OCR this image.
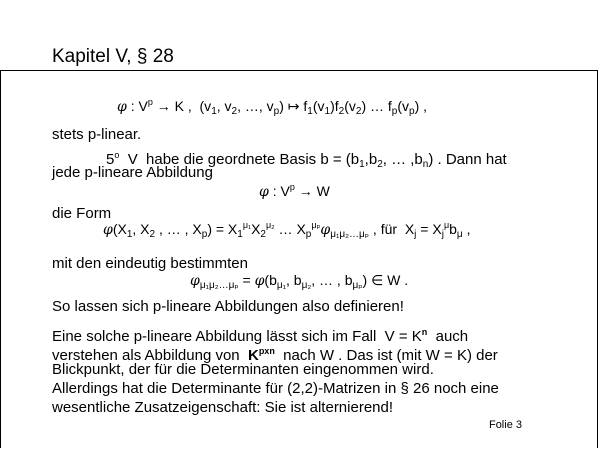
Kapitel V, § 28
φ : $V^p \to K$ ,  ($v_1$, $v_2$, …, $v_p$) ↦ $f_1(v_1)f_2(v_2)$ … $f_p(v_p)$ ,
stets p-linear.
5$^o$  V  habe die geordnete Basis $b = (b_1,b_2$, … $,b_n$) . Dann hat
jede p-lineare Abbildung
φ : $V^p \to W$
die Form
$\varphi(X_1$, $X_2$ , … , $X_p) = X_1^{\mu_1}X_2^{\mu_2}$ … $X_p^{\mu_p}\varphi_{\mu_1\mu_2\dots\mu_p}$ , für  $X_j = X_j^\mu b_\mu$ ,
mit den eindeutig bestimmten
$\varphi_{\mu_1\mu_2\dots\mu_p} = \varphi(b_{\mu_1}$, $b_{\mu_2}$, … , $b_{\mu_p}$) ∈ W .
So lassen sich p-lineare Abbildungen also definieren!
Eine solche p-lineare Abbildung lässt sich im Fall  $V = K^n$  auch
verstehen als Abbildung von  $K^{pxn}$  nach W . Das ist (mit W = K) der
Blickpunkt, der für die Determinanten eingenommen wird.
Allerdings hat die Determinante für (2,2)-Matrizen in § 26 noch eine
wesentliche Zusatzeigenschaft: Sie ist alternierend!
Folie 3
